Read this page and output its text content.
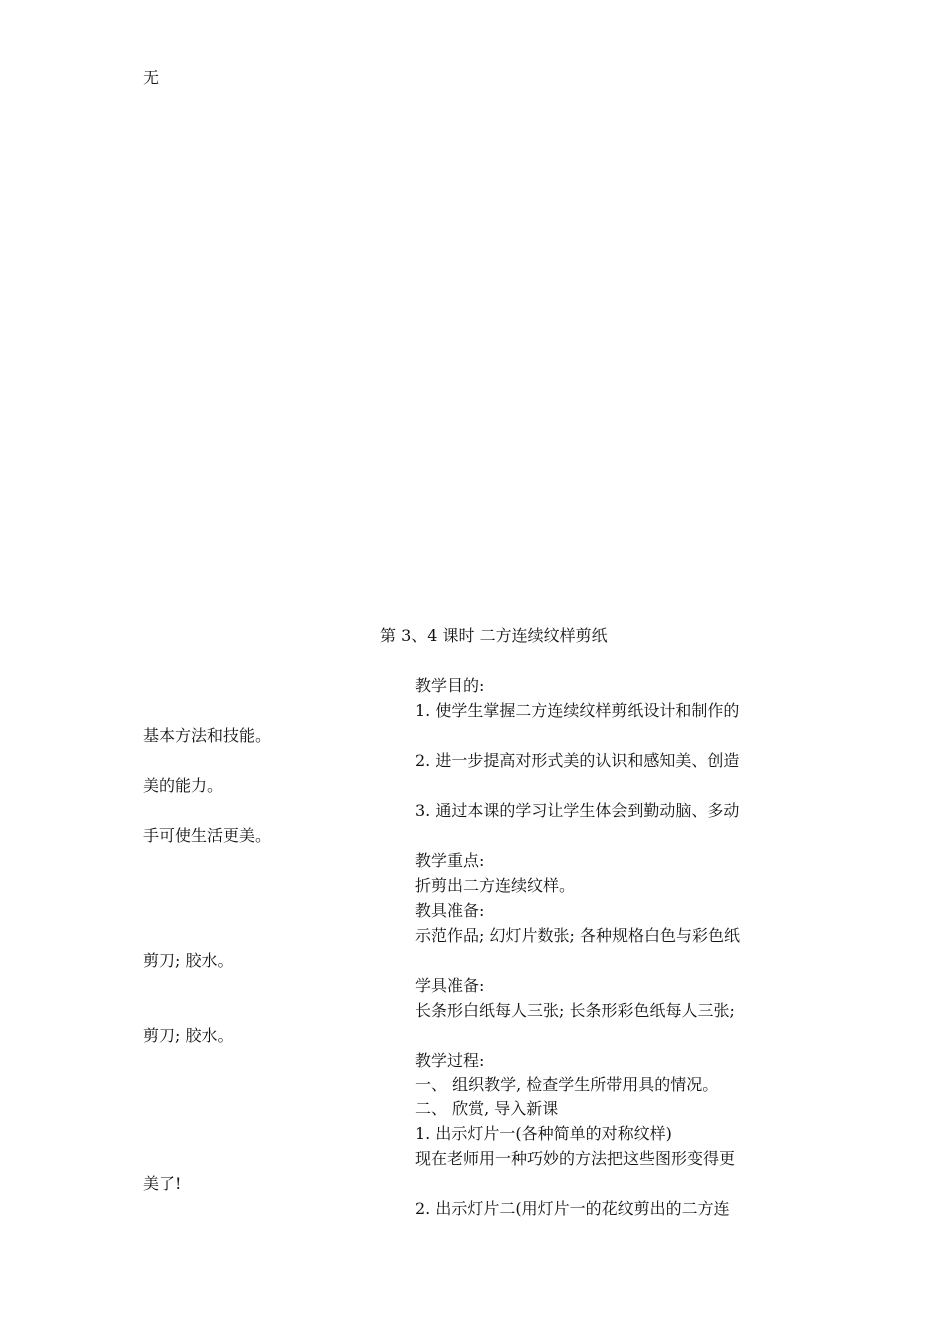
无
第 3、4 课时 二方连续纹样剪纸
教学目的:
1. 使学生掌握二方连续纹样剪纸设计和制作的
基本方法和技能。
2. 进一步提高对形式美的认识和感知美、创造
美的能力。
3. 通过本课的学习让学生体会到勤动脑、多动
手可使生活更美。
教学重点:
折剪出二方连续纹样。
教具准备:
示范作品; 幻灯片数张; 各种规格白色与彩色纸
剪刀; 胶水。
学具准备:
长条形白纸每人三张; 长条形彩色纸每人三张;
剪刀; 胶水。
教学过程:
一、 组织教学, 检查学生所带用具的情况。
二、 欣赏, 导入新课
1. 出示灯片一(各种简单的对称纹样)
现在老师用一种巧妙的方法把这些图形变得更
美了!
2. 出示灯片二(用灯片一的花纹剪出的二方连
